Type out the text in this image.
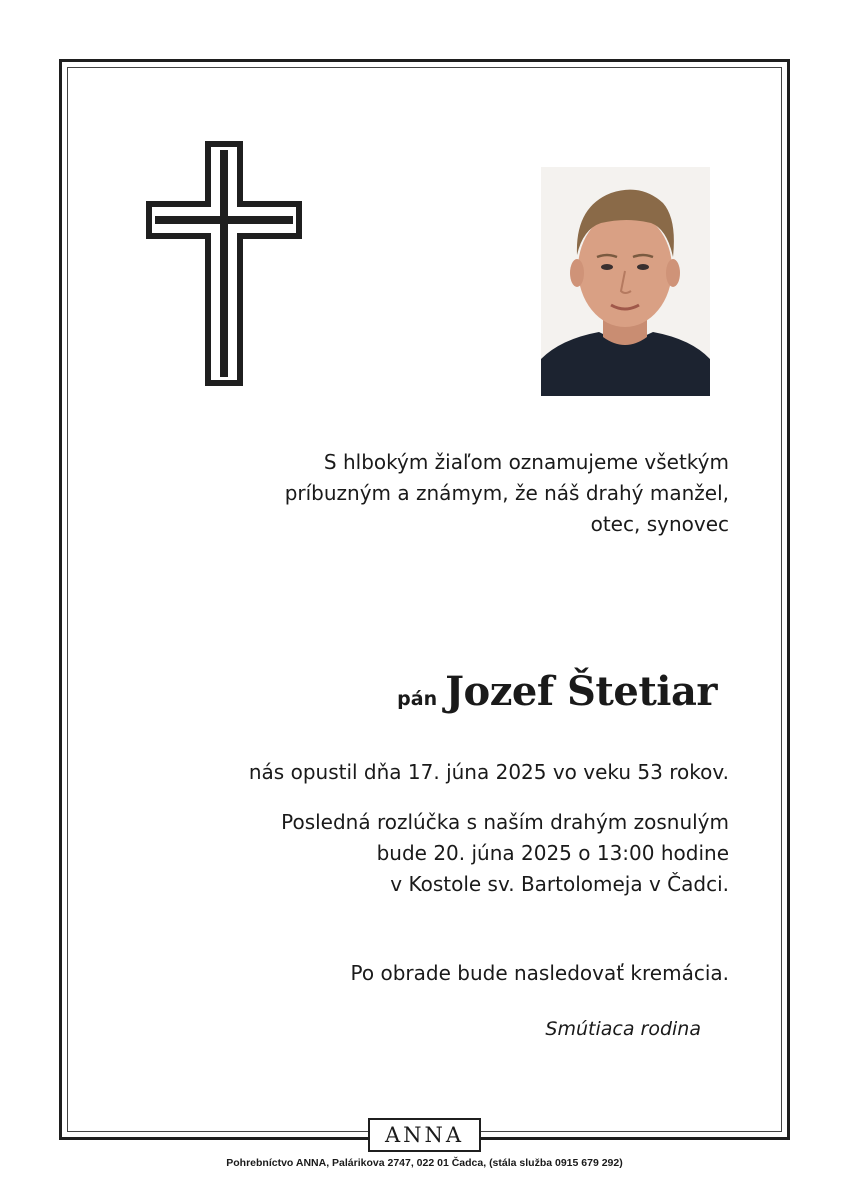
S hlbokým žiaľom oznamujeme všetkým
príbuzným a známym, že náš drahý manžel,
otec, synovec
pán Jozef Štetiar
nás opustil dňa 17. júna 2025 vo veku 53 rokov.
Posledná rozlúčka s naším drahým zosnulým
bude 20. júna 2025 o 13:00 hodine
v Kostole sv. Bartolomeja v Čadci.
Po obrade bude nasledovať kremácia.
Smútiaca rodina
ANNA
Pohrebníctvo ANNA, Palárikova 2747, 022 01 Čadca, (stála služba 0915 679 292)
